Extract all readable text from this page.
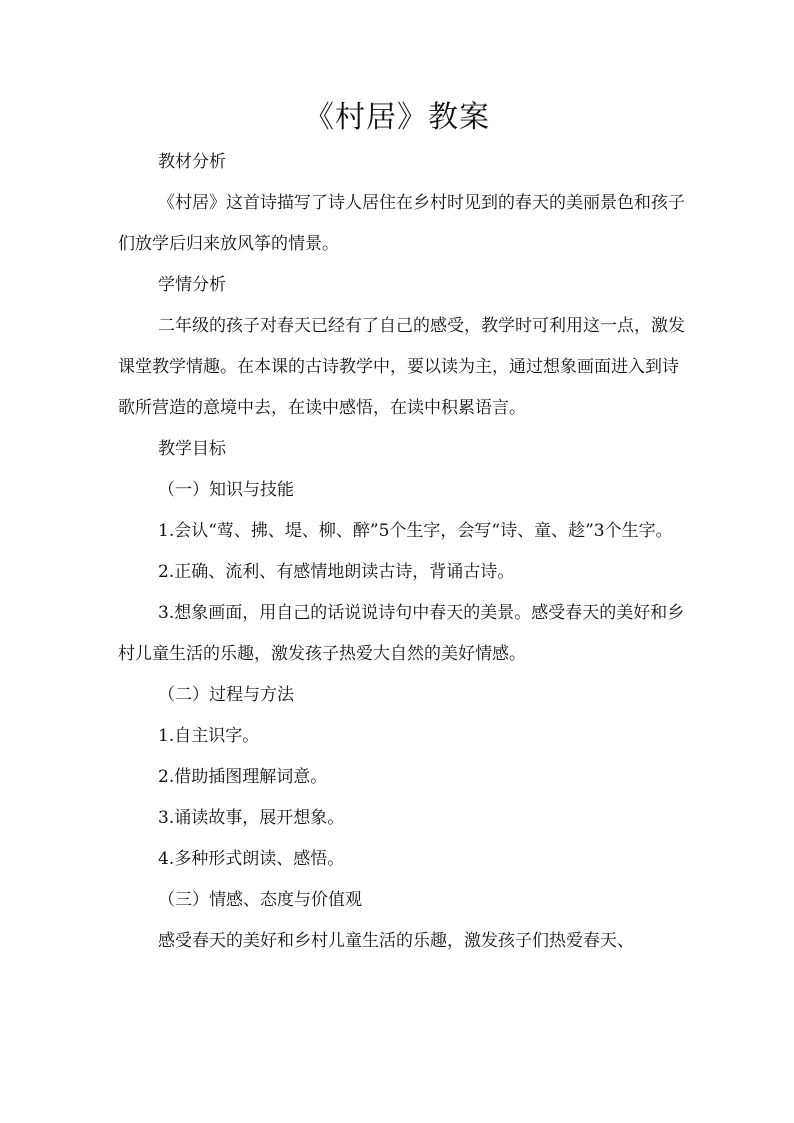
《村居》教案

教材分析

《村居》这首诗描写了诗人居住在乡村时见到的春天的美丽景色和孩子们放学后归来放风筝的情景。

学情分析

二年级的孩子对春天已经有了自己的感受，教学时可利用这一点，激发课堂教学情趣。在本课的古诗教学中，要以读为主，通过想象画面进入到诗歌所营造的意境中去，在读中感悟，在读中积累语言。

教学目标

（一）知识与技能

1.会认“莺、拂、堤、柳、醉”5个生字，会写“诗、童、趁”3个生字。

2.正确、流利、有感情地朗读古诗，背诵古诗。

3.想象画面，用自己的话说说诗句中春天的美景。感受春天的美好和乡村儿童生活的乐趣，激发孩子热爱大自然的美好情感。

（二）过程与方法

1.自主识字。

2.借助插图理解词意。

3.诵读故事，展开想象。

4.多种形式朗读、感悟。

（三）情感、态度与价值观

感受春天的美好和乡村儿童生活的乐趣，激发孩子们热爱春天、
